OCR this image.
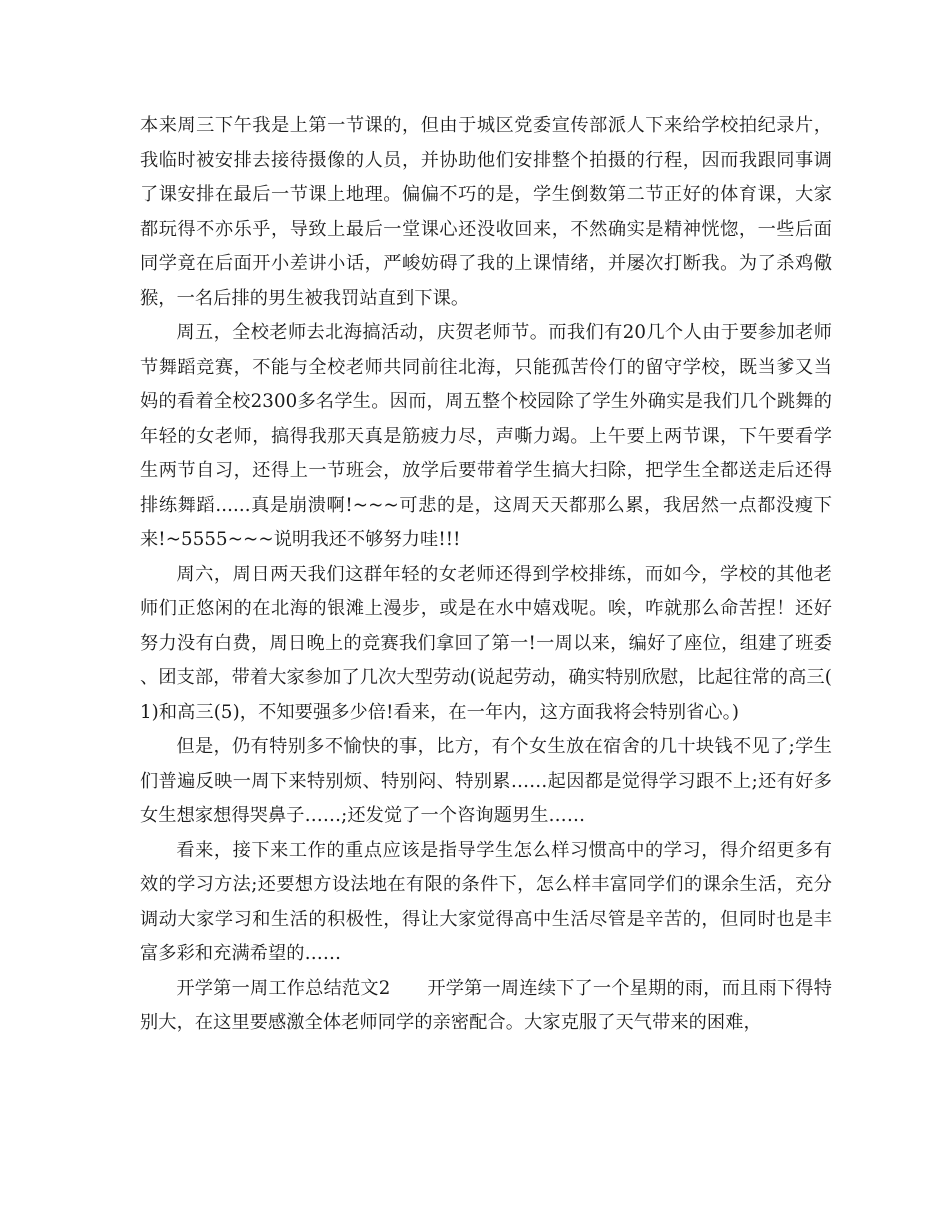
本来周三下午我是上第一节课的，但由于城区党委宣传部派人下来给学校拍纪录片，我临时被安排去接待摄像的人员，并协助他们安排整个拍摄的行程，因而我跟同事调了课安排在最后一节课上地理。偏偏不巧的是，学生倒数第二节正好的体育课，大家都玩得不亦乐乎，导致上最后一堂课心还没收回来，不然确实是精神恍惚，一些后面同学竟在后面开小差讲小话，严峻妨碍了我的上课情绪，并屡次打断我。为了杀鸡儆猴，一名后排的男生被我罚站直到下课。

周五，全校老师去北海搞活动，庆贺老师节。而我们有20几个人由于要参加老师节舞蹈竞赛，不能与全校老师共同前往北海，只能孤苦伶仃的留守学校，既当爹又当妈的看着全校2300多名学生。因而，周五整个校园除了学生外确实是我们几个跳舞的年轻的女老师，搞得我那天真是筋疲力尽，声嘶力竭。上午要上两节课，下午要看学生两节自习，还得上一节班会，放学后要带着学生搞大扫除，把学生全都送走后还得排练舞蹈......真是崩溃啊!~~~可悲的是，这周天天都那么累，我居然一点都没瘦下来!~5555~~~说明我还不够努力哇!!!

周六，周日两天我们这群年轻的女老师还得到学校排练，而如今，学校的其他老师们正悠闲的在北海的银滩上漫步，或是在水中嬉戏呢。唉，咋就那么命苦捏！还好努力没有白费，周日晚上的竞赛我们拿回了第一!一周以来，编好了座位，组建了班委、团支部，带着大家参加了几次大型劳动(说起劳动，确实特别欣慰，比起往常的高三(1)和高三(5)，不知要强多少倍!看来，在一年内，这方面我将会特别省心。)

但是，仍有特别多不愉快的事，比方，有个女生放在宿舍的几十块钱不见了;学生们普遍反映一周下来特别烦、特别闷、特别累……起因都是觉得学习跟不上;还有好多女生想家想得哭鼻子……;还发觉了一个咨询题男生……

看来，接下来工作的重点应该是指导学生怎么样习惯高中的学习，得介绍更多有效的学习方法;还要想方设法地在有限的条件下，怎么样丰富同学们的课余生活，充分调动大家学习和生活的积极性，得让大家觉得高中生活尽管是辛苦的，但同时也是丰富多彩和充满希望的……

开学第一周工作总结范文2　　开学第一周连续下了一个星期的雨，而且雨下得特别大，在这里要感激全体老师同学的亲密配合。大家克服了天气带来的困难，
